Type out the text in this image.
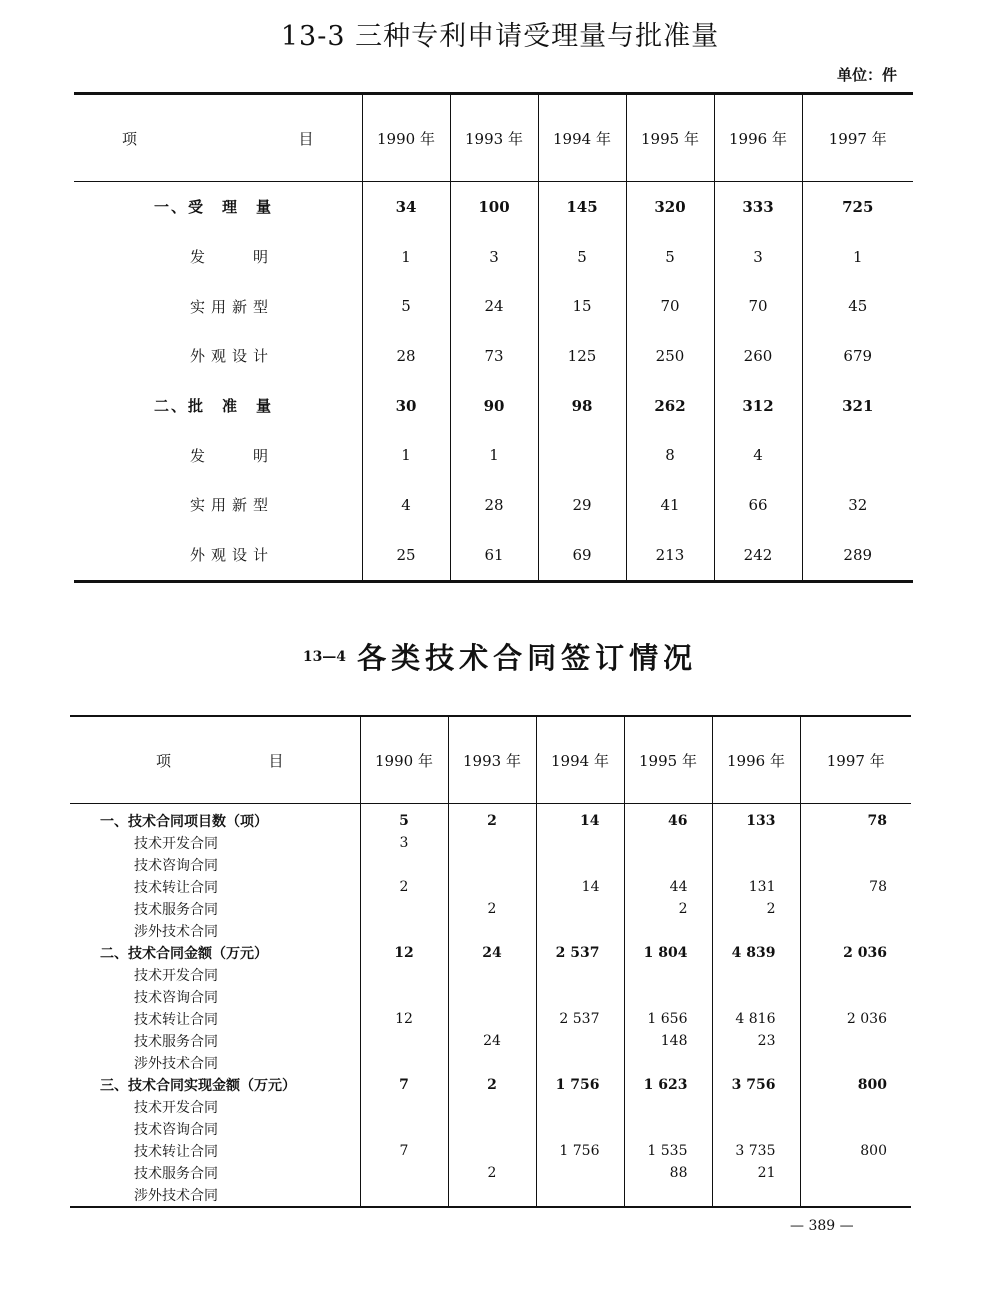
13-3 三种专利申请受理量与批准量
单位：件
项 目	1990 年	1993 年	1994 年	1995 年	1996 年	1997 年
一、受　理　量	34	100	145	320	333	725
发　　明	1	3	5	5	3	1
实用新型	5	24	15	70	70	45
外观设计	28	73	125	250	260	679
二、批　准　量	30	90	98	262	312	321
发　　明	1	1		8	4	
实用新型	4	28	29	41	66	32
外观设计	25	61	69	213	242	289
13—4 各类技术合同签订情况
项 目	1990 年	1993 年	1994 年	1995 年	1996 年	1997 年
一、技术合同项目数（项）	5	2	14	46	133	78
技术开发合同	3					
技术咨询合同						
技术转让合同	2		14	44	131	78
技术服务合同		2		2	2	
涉外技术合同						
二、技术合同金额（万元）	12	24	2 537	1 804	4 839	2 036
技术开发合同						
技术咨询合同						
技术转让合同	12		2 537	1 656	4 816	2 036
技术服务合同		24		148	23	
涉外技术合同						
三、技术合同实现金额（万元）	7	2	1 756	1 623	3 756	800
技术开发合同						
技术咨询合同						
技术转让合同	7		1 756	1 535	3 735	800
技术服务合同		2		88	21	
涉外技术合同						
— 389 —
